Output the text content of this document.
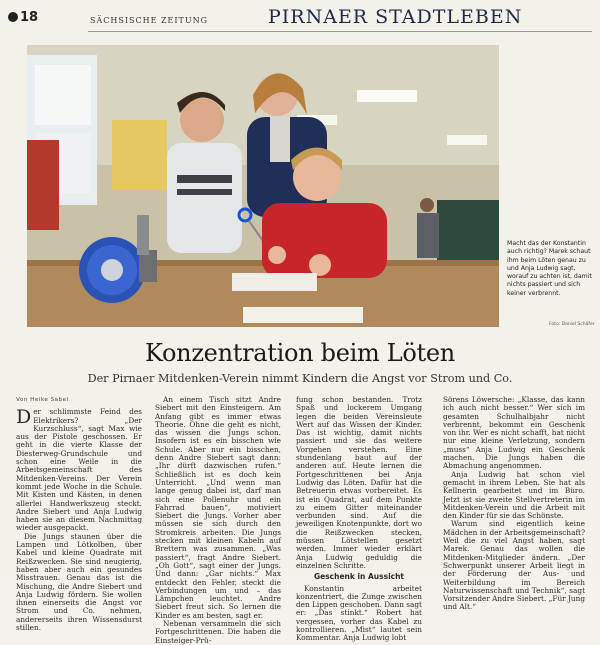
18	SÄCHSISCHE ZEITUNG	PIRNAER STADTLEBEN
Macht das der Konstantin auch richtig? Marek schaut ihm beim Löten genau zu und Anja Ludwig sagt, worauf zu achten ist, damit nichts passiert und sich keiner verbrennt.
Foto: Daniel Schäfer
Konzentration beim Löten
Der Pirnaer Mitdenken-Verein nimmt Kindern die Angst vor Strom und Co.

Von Heike Sabel

Der schlimmste Feind des Elektrikers? „Der Kurzschluss“, sagt Max wie aus der Pistole geschossen. Er geht in die vierte Klasse der Diesterweg-Grundschule und schon eine Weile in die Arbeitsgemeinschaft des Mitdenken-Vereins. Der Verein kommt jede Woche in die Schule. Mit Kisten und Kästen, in denen allerlei Handwerkszeug steckt. Andre Siebert und Anja Ludwig haben sie an diesem Nachmittag wieder ausgepackt.

Die Jungs staunen über die Lampen und Lötkolben, über Kabel und kleine Quadrate mit Reißzwecken. Sie sind neugierig, haben aber auch ein gesundes Misstrauen. Genau das ist die Mischung, die Andre Siebert und Anja Ludwig fördern. Sie wollen ihnen einerseits die Angst vor Strom und Co. nehmen, andererseits ihren Wissensdurst stillen.

An einem Tisch sitzt Andre Siebert mit den Einsteigern. Am Anfang gibt es immer etwas Theorie. Ohne die geht es nicht, das wissen die Jungs schon. Insofern ist es ein bisschen wie Schule. Aber nur ein bisschen, denn Andre Siebert sagt dann: „Ihr dürft dazwischen rufen.“ Schließlich ist es doch kein Unterricht. „Und wenn man lange genug dabei ist, darf man sich eine Pollenuhr und ein Fahrrad bauen“, motiviert Siebert die Jungs. Vorher aber müssen sie sich durch den Stromkreis arbeiten. Die Jungs stecken mit kleinen Kabeln auf Brettern was zusammen. „Was passiert“, fragt Andre Siebert. „Oh Gott“, sagt einer der Jungs. Und dann: „Gar nichts.“ Max entdeckt den Fehler, steckt die Verbindungen um und – das Lämpchen leuchtet. Andre Siebert freut sich. So lernen die Kinder es am besten, sagt er.

Nebenan versammeln die sich Fortgeschrittenen. Die haben die Einsteiger-Prü-

fung schon bestanden. Trotz Spaß und lockerem Umgang legen die beiden Vereinsleute Wert auf das Wissen der Kinder. Das ist wichtig, damit nichts passiert und sie das weitere Vorgehen verstehen. Eine stundenlang baut auf der anderen auf. Heute lernen die Fortgeschrittenen bei Anja Ludwig das Löten. Dafür hat die Betreuerin etwas vorbereitet. Es ist ein Quadrat, auf dem Punkte zu einem Gitter miteinander verbunden sind. Auf die jeweiligen Knotenpunkte, dort wo die Reißzwecken stecken, müssen Lötstellen gesetzt werden. Immer wieder erklärt Anja Ludwig geduldig die einzelnen Schritte.

Geschenk in Aussicht

Konstantin arbeitet konzentriert, die Zunge zwischen den Lippen geschoben. Dann sagt er: „Das stinkt.“ Robert hat vergessen, vorher das Kabel zu kontrollieren. „Mist“ lautet sein Kommentar. Anja Ludwig lobt

Sörens Löwersche: „Klasse, das kann ich auch nicht besser.“ Wer sich im gesamten Schulhalbjahr nicht verbrennt, bekommt ein Geschenk von ihr. Wer es nicht schafft, hat nicht nur eine kleine Verletzung, sondern „muss“ Anja Ludwig ein Geschenk machen. Die Jungs haben die Abmachung angenommen.

Anja Ludwig hat schon viel gemacht in ihrem Leben. Sie hat als Kellnerin gearbeitet und im Büro. Jetzt ist sie zweite Stellvertreterin im Mitdenken-Verein und die Arbeit mit den Kinder für sie das Schönste.

Warum sind eigentlich keine Mädchen in der Arbeitsgemeinschaft? Weil die zu viel Angst haben, sagt Marek. Genau das wollen die Mitdenken-Mitglieder ändern. „Der Schwerpunkt unserer Arbeit liegt in der Förderung der Aus- und Weiterbildung im Bereich Naturwissenschaft und Technik“, sagt Vorsitzender Andre Siebert. „Für Jung und Alt.“
